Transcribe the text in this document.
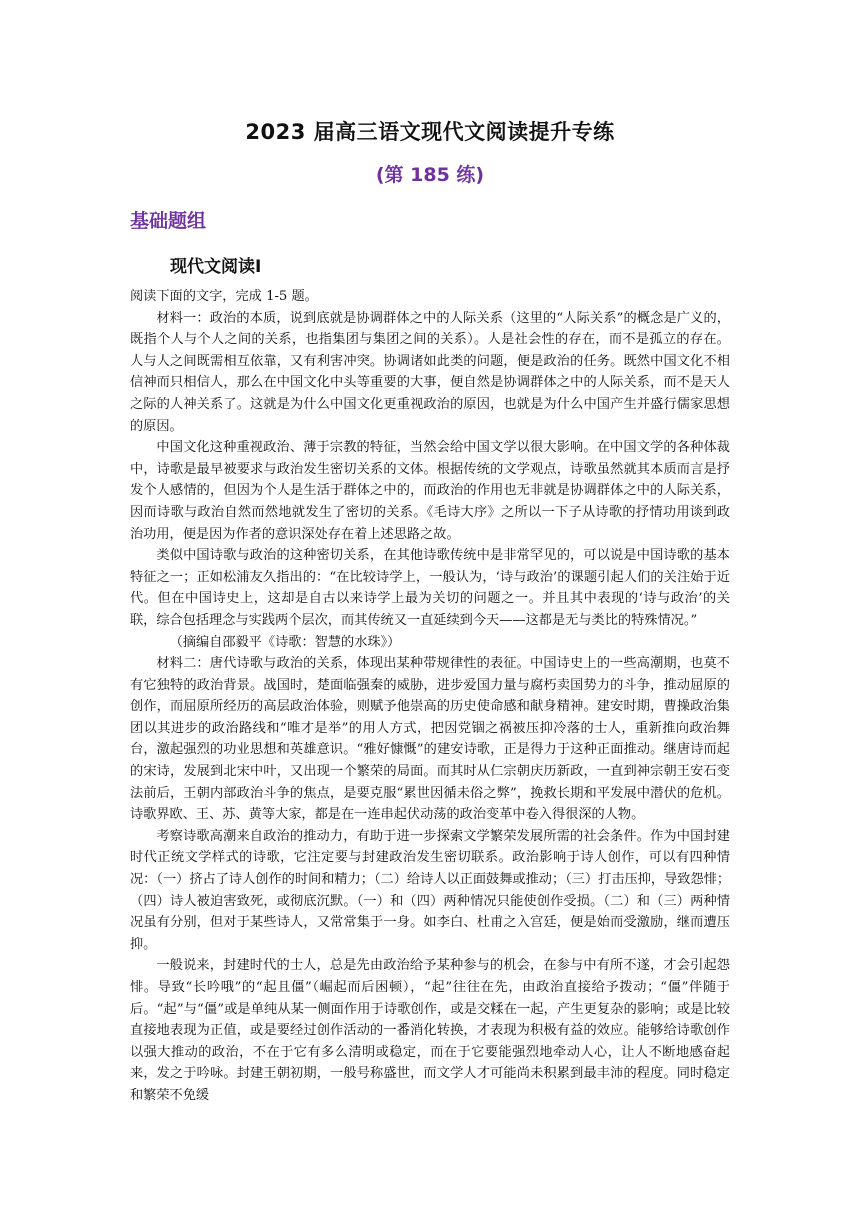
2023 届高三语文现代文阅读提升专练
(第 185 练)
基础题组
现代文阅读Ⅰ

阅读下面的文字，完成 1-5 题。

材料一：政治的本质，说到底就是协调群体之中的人际关系（这里的“人际关系”的概念是广义的，既指个人与个人之间的关系，也指集团与集团之间的关系）。人是社会性的存在，而不是孤立的存在。人与人之间既需相互依靠，又有利害冲突。协调诸如此类的问题，便是政治的任务。既然中国文化不相信神而只相信人，那么在中国文化中头等重要的大事，便自然是协调群体之中的人际关系，而不是天人之际的人神关系了。这就是为什么中国文化更重视政治的原因，也就是为什么中国产生并盛行儒家思想的原因。

中国文化这种重视政治、薄于宗教的特征，当然会给中国文学以很大影响。在中国文学的各种体裁中，诗歌是最早被要求与政治发生密切关系的文体。根据传统的文学观点，诗歌虽然就其本质而言是抒发个人感情的，但因为个人是生活于群体之中的，而政治的作用也无非就是协调群体之中的人际关系，因而诗歌与政治自然而然地就发生了密切的关系。《毛诗大序》之所以一下子从诗歌的抒情功用谈到政治功用，便是因为作者的意识深处存在着上述思路之故。

类似中国诗歌与政治的这种密切关系，在其他诗歌传统中是非常罕见的，可以说是中国诗歌的基本特征之一；正如松浦友久指出的：“在比较诗学上，一般认为，‘诗与政治’的课题引起人们的关注始于近代。但在中国诗史上，这却是自古以来诗学上最为关切的问题之一。并且其中表现的‘诗与政治’的关联，综合包括理念与实践两个层次，而其传统又一直延续到今天——这都是无与类比的特殊情况。”

（摘编自邵毅平《诗歌：智慧的水珠》）

材料二：唐代诗歌与政治的关系，体现出某种带规律性的表征。中国诗史上的一些高潮期，也莫不有它独特的政治背景。战国时，楚面临强秦的威胁，进步爱国力量与腐朽卖国势力的斗争，推动屈原的创作，而屈原所经历的高层政治体验，则赋予他崇高的历史使命感和献身精神。建安时期，曹操政治集团以其进步的政治路线和“唯才是举”的用人方式，把因党锢之祸被压抑冷落的士人，重新推向政治舞台，激起强烈的功业思想和英雄意识。“雅好慷慨”的建安诗歌，正是得力于这种正面推动。继唐诗而起的宋诗，发展到北宋中叶，又出现一个繁荣的局面。而其时从仁宗朝庆历新政，一直到神宗朝王安石变法前后，王朝内部政治斗争的焦点，是要克服“累世因循未俗之弊”，挽救长期和平发展中潜伏的危机。诗歌界欧、王、苏、黄等大家，都是在一连串起伏动荡的政治变革中卷入得很深的人物。

考察诗歌高潮来自政治的推动力，有助于进一步探索文学繁荣发展所需的社会条件。作为中国封建时代正统文学样式的诗歌，它注定要与封建政治发生密切联系。政治影响于诗人创作，可以有四种情况：（一）挤占了诗人创作的时间和精力；（二）给诗人以正面鼓舞或推动；（三）打击压抑，导致怨悱；（四）诗人被迫害致死，或彻底沉默。（一）和（四）两种情况只能使创作受损。（二）和（三）两种情况虽有分别，但对于某些诗人，又常常集于一身。如李白、杜甫之入宫廷，便是始而受激励，继而遭压抑。

一般说来，封建时代的士人，总是先由政治给予某种参与的机会，在参与中有所不遂，才会引起怨悱。导致“长吟哦”的“起且僵”（崛起而后困顿），“起”往往在先，由政治直接给予拨动；“僵”伴随于后。“起”与“僵”或是单纯从某一侧面作用于诗歌创作，或是交糅在一起，产生更复杂的影响；或是比较直接地表现为正值，或是要经过创作活动的一番消化转换，才表现为积极有益的效应。能够给诗歌创作以强大推动的政治，不在于它有多么清明或稳定，而在于它要能强烈地牵动人心，让人不断地感奋起来，发之于吟咏。封建王朝初期，一般号称盛世，而文学人才可能尚未积累到最丰沛的程度。同时稳定和繁荣不免缓
